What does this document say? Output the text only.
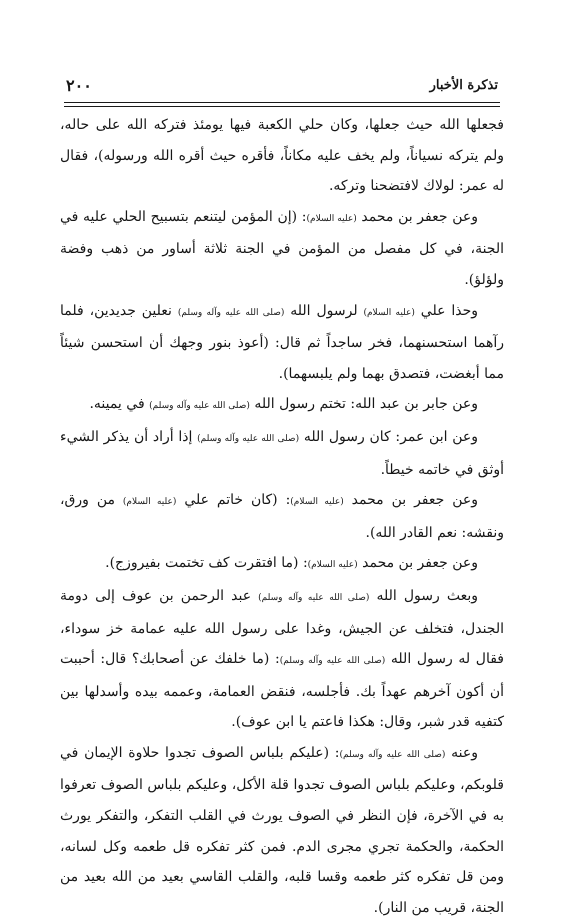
تذكرة الأخبار
٢٠٠

فجعلها الله حيث جعلها، وكان حلي الكعبة فيها يومئذ فتركه الله على حاله، ولم يتركه نسياناً، ولم يخف عليه مكاناً، فأقره حيث أقره الله ورسوله)، فقال له عمر: لولاك لافتضحنا وتركه.

وعن جعفر بن محمد (عليه السلام): (إن المؤمن ليتنعم بتسبيح الحلي عليه في الجنة، في كل مفصل من المؤمن في الجنة ثلاثة أساور من ذهب وفضة ولؤلؤ).

وحذا علي (عليه السلام) لرسول الله (صلى الله عليه وآله وسلم) نعلين جديدين، فلما رآهما استحسنهما، فخر ساجداً ثم قال: (أعوذ بنور وجهك أن استحسن شيئاً مما أبغضت، فتصدق بهما ولم يلبسهما).

وعن جابر بن عبد الله: تختم رسول الله (صلى الله عليه وآله وسلم) في يمينه.

وعن ابن عمر: كان رسول الله (صلى الله عليه وآله وسلم) إذا أراد أن يذكر الشيء أوثق في خاتمه خيطاً.

وعن جعفر بن محمد (عليه السلام): (كان خاتم علي (عليه السلام) من ورق، ونقشه: نعم القادر الله).

وعن جعفر بن محمد (عليه السلام): (ما افتقرت كف تختمت بفيروزج).

وبعث رسول الله (صلى الله عليه وآله وسلم) عبد الرحمن بن عوف إلى دومة الجندل، فتخلف عن الجيش، وغدا على رسول الله عليه عمامة خز سوداء، فقال له رسول الله (صلى الله عليه وآله وسلم): (ما خلفك عن أصحابك؟ قال: أحببت أن أكون آخرهم عهداً بك. فأجلسه، فنقض العمامة، وعممه بيده وأسدلها بين كتفيه قدر شبر، وقال: هكذا فاعتم يا ابن عوف).

وعنه (صلى الله عليه وآله وسلم): (عليكم بلباس الصوف تجدوا حلاوة الإيمان في قلوبكم، وعليكم بلباس الصوف تجدوا قلة الأكل، وعليكم بلباس الصوف تعرفوا به في الآخرة، فإن النظر في الصوف يورث في القلب التفكر، والتفكر يورث الحكمة، والحكمة تجري مجرى الدم. فمن كثر تفكره قل طعمه وكل لسانه، ومن قل تفكره كثر طعمه وقسا قلبه، والقلب القاسي بعيد من الله بعيد من الجنة، قريب من النار).
